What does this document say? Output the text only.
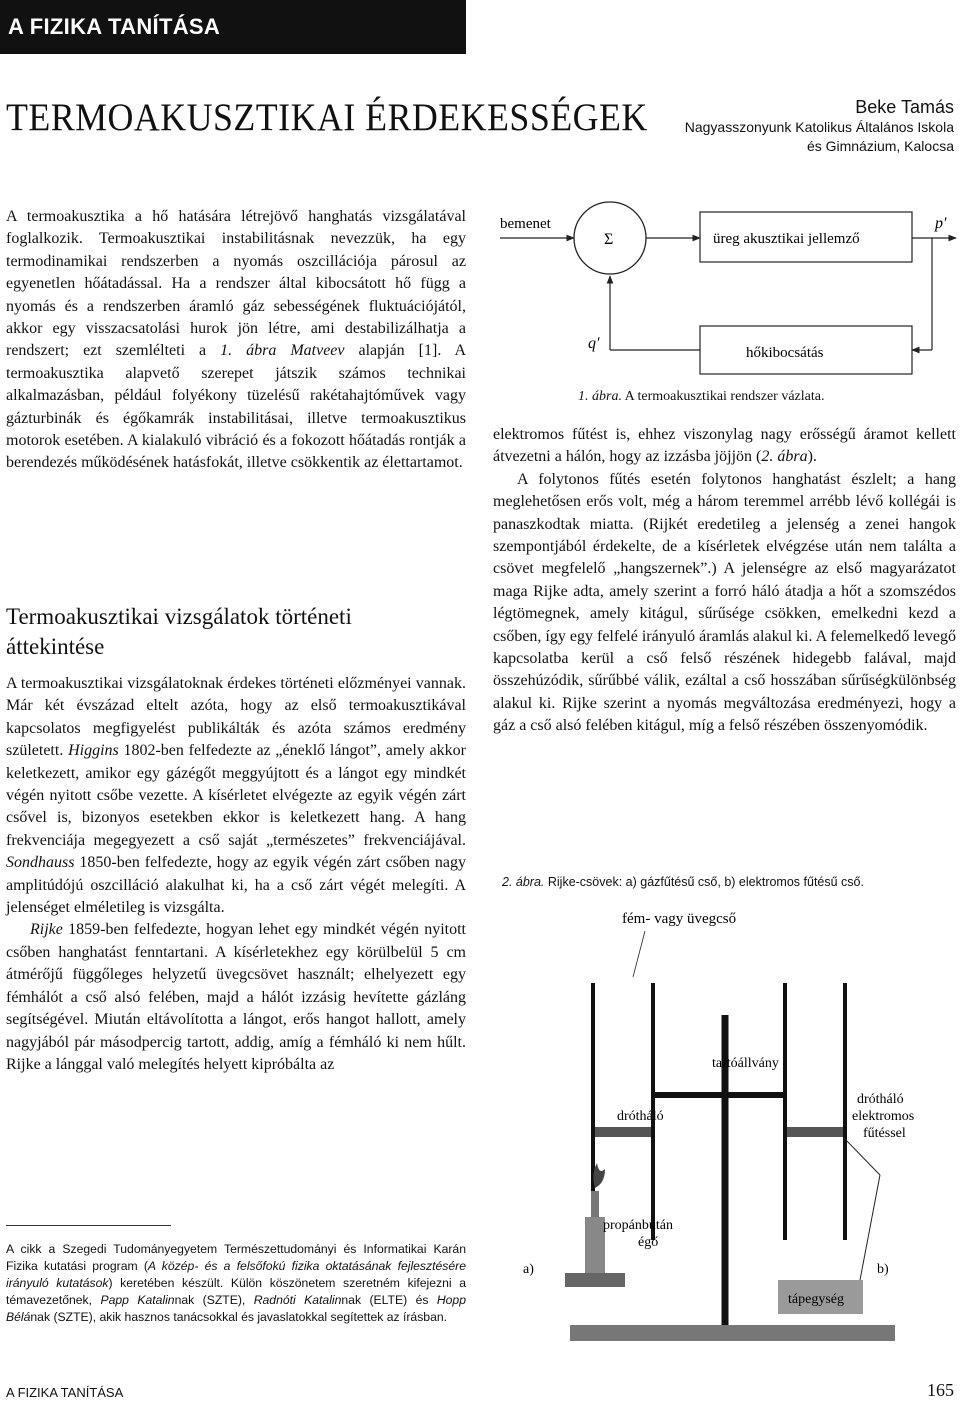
A FIZIKA TANÍTÁSA
TERMOAKUSZTIKAI ÉRDEKESSÉGEK	Beke Tamás
Nagyasszonyunk Katolikus Általános Iskola
és Gimnázium, Kalocsa

A termoakusztika a hő hatására létrejövő hanghatás vizsgálatával foglalkozik. Termoakusztikai instabilitásnak nevezzük, ha egy termodinamikai rendszerben a nyomás oszcillációja párosul az egyenetlen hőátadással. Ha a rendszer által kibocsátott hő függ a nyomás és a rendszerben áramló gáz sebességének fluktuációjától, akkor egy visszacsatolási hurok jön létre, ami destabilizálhatja a rendszert; ezt szemlélteti a 1. ábra Matveev alapján [1]. A termoakusztika alapvető szerepet játszik számos technikai alkalmazásban, például folyékony tüzelésű rakétahajtóművek vagy gázturbinák és égőkamrák instabilitásai, illetve termoakusztikus motorok esetében. A kialakuló vibráció és a fokozott hőátadás rontják a berendezés működésének hatásfokát, illetve csökkentik az élettartamot.

Termoakusztikai vizsgálatok történeti áttekintése

A termoakusztikai vizsgálatoknak érdekes történeti előzményei vannak. Már két évszázad eltelt azóta, hogy az első termoakusztikával kapcsolatos megfigyelést publikálták és azóta számos eredmény született. Higgins 1802-ben felfedezte az „éneklő lángot”, amely akkor keletkezett, amikor egy gázégőt meggyújtott és a lángot egy mindkét végén nyitott csőbe vezette. A kísérletet elvégezte az egyik végén zárt csővel is, bizonyos esetekben ekkor is keletkezett hang. A hang frekvenciája megegyezett a cső saját „természetes” frekvenciájával. Sondhauss 1850-ben felfedezte, hogy az egyik végén zárt csőben nagy amplitúdójú oszcilláció alakulhat ki, ha a cső zárt végét melegíti. A jelenséget elméletileg is vizsgálta.

Rijke 1859-ben felfedezte, hogyan lehet egy mindkét végén nyitott csőben hanghatást fenntartani. A kísérletekhez egy körülbelül 5 cm átmérőjű függőleges helyzetű üvegcsövet használt; elhelyezett egy fémhálót a cső alsó felében, majd a hálót izzásig hevítette gázláng segítségével. Miután eltávolította a lángot, erős hangot hallott, amely nagyjából pár másodpercig tartott, addig, amíg a fémháló ki nem hűlt. Rijke a lánggal való melegítés helyett kipróbálta az

A cikk a Szegedi Tudományegyetem Természettudományi és Informatikai Karán Fizika kutatási program (A közép- és a felsőfokú fizika oktatásának fejlesztésére irányuló kutatások) keretében készült. Külön köszönetem szeretném kifejezni a témavezetőnek, Papp Katalinnak (SZTE), Radnóti Katalinnak (ELTE) és Hopp Bélának (SZTE), akik hasznos tanácsokkal és javaslatokkal segítettek az írásban.
bemenet
Σ	üreg akusztikai jellemző
p′
hőkibocsátás
q′
1. ábra. A termoakusztikai rendszer vázlata.

elektromos fűtést is, ehhez viszonylag nagy erősségű áramot kellett átvezetni a hálón, hogy az izzásba jöjjön (2. ábra).

A folytonos fűtés esetén folytonos hanghatást észlelt; a hang meglehetősen erős volt, még a három teremmel arrébb lévő kollégái is panaszkodtak miatta. (Rijkét eredetileg a jelenség a zenei hangok szempontjából érdekelte, de a kísérletek elvégzése után nem találta a csövet megfelelő „hangszernek”.) A jelenségre az első magyarázatot maga Rijke adta, amely szerint a forró háló átadja a hőt a szomszédos légtömegnek, amely kitágul, sűrűsége csökken, emelkedni kezd a csőben, így egy felfelé irányuló áramlás alakul ki. A felemelkedő levegő kapcsolatba kerül a cső felső részének hidegebb falával, majd összehúzódik, sűrűbbé válik, ezáltal a cső hosszában sűrűségkülönbség alakul ki. Rijke szerint a nyomás megváltozása eredményezi, hogy a gáz a cső alsó felében kitágul, míg a felső részében összenyomódik.

2. ábra. Rijke-csövek: a) gázfűtésű cső, b) elektromos fűtésű cső.
fém- vagy üvegcső
drótháló
tartóállvány
drótháló
elektromos
fűtéssel
propánbután
égő
a)
tápegység
b)
A FIZIKA TANÍTÁSA	165
